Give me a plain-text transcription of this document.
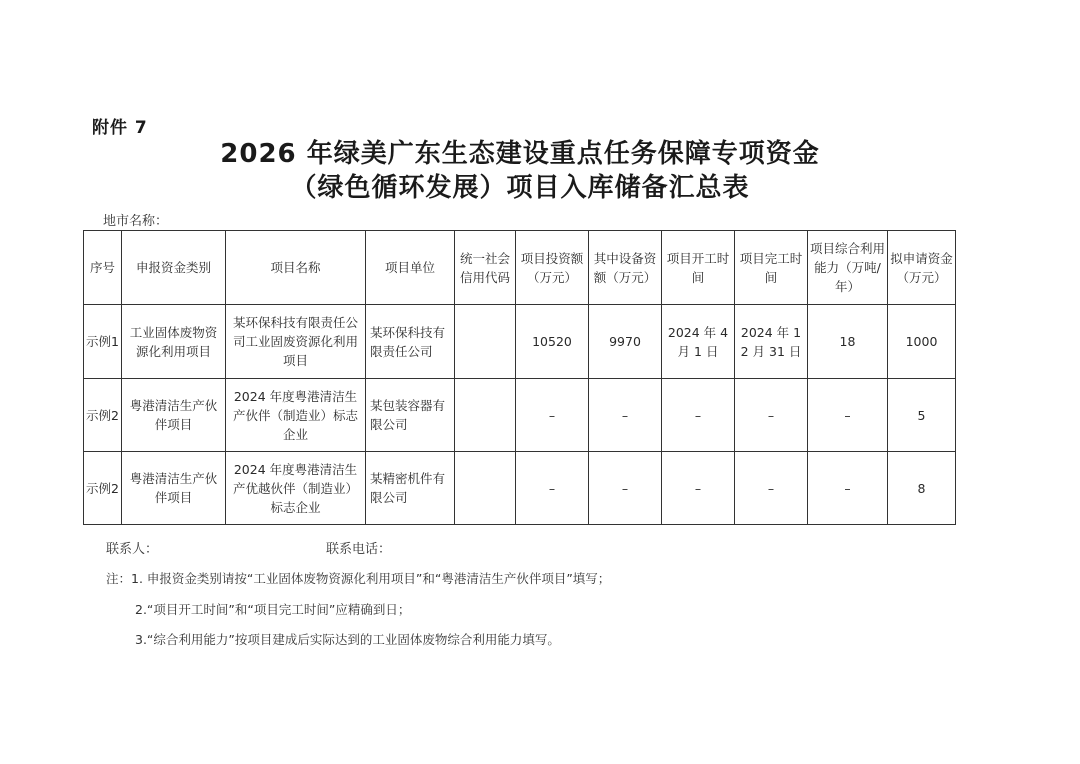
附件 7
2026 年绿美广东生态建设重点任务保障专项资金
（绿色循环发展）项目入库储备汇总表
地市名称：
序号	申报资金类别	项目名称	项目单位	统一社会信用代码	项目投资额（万元）	其中设备资额（万元）	项目开工时间	项目完工时间	项目综合利用能力（万吨/年）	拟申请资金（万元）
示例1	工业固体废物资源化利用项目	某环保科技有限责任公司工业固废资源化利用项目	某环保科技有限责任公司		10520	9970	2024 年 4 月 1 日	2024 年 12 月 31 日	18	1000
示例2	粤港清洁生产伙伴项目	2024 年度粤港清洁生产伙伴（制造业）标志企业	某包装容器有限公司		–	–	–	–	–	5
示例2	粤港清洁生产伙伴项目	2024 年度粤港清洁生产优越伙伴（制造业）标志企业	某精密机件有限公司		–	–	–	–	–	8
联系人：	联系电话：
注：1. 申报资金类别请按“工业固体废物资源化利用项目”和“粤港清洁生产伙伴项目”填写；
2.“项目开工时间”和“项目完工时间”应精确到日；
3.“综合利用能力”按项目建成后实际达到的工业固体废物综合利用能力填写。
